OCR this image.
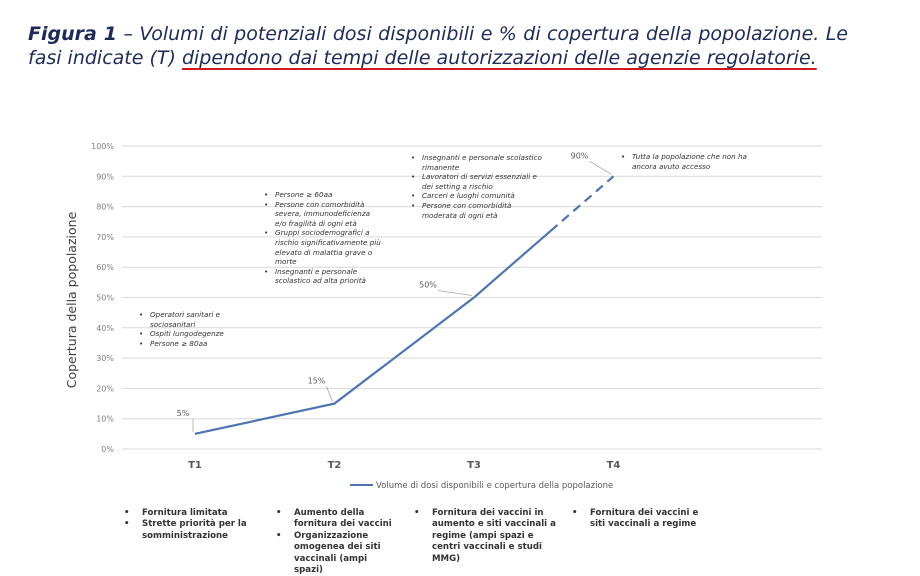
Figura 1 – Volumi di potenziali dosi disponibili e % di copertura della popolazione. Le fasi indicate (T) dipendono dai tempi delle autorizzazioni delle agenzie regolatorie.
0%
10%
20%
30%
40%
50%
60%
70%
80%
90%
100%
T1	T2	T3	T4
5%
15%
50%
90%
Copertura della popolazione
Volume di dosi disponibili e copertura della popolazione
• Operatori sanitari e sociosanitari
• Ospiti lungodegenze
• Persone ≥ 80aa
• Persone ≥ 60aa
• Persone con comorbidità severa, immunodeficienza e/o fragilità di ogni età
• Gruppi sociodemografici a rischio significativamente più elevato di malattia grave o morte
• Insegnanti e personale scolastico ad alta priorità
• Insegnanti e personale scolastico rimanente
• Lavoratori di servizi essenziali e dei setting a rischio
• Carceri e luoghi comunità
• Persone con comorbidità moderata di ogni età
• Tutta la popolazione che non ha ancora avuto accesso
• Fornitura limitata
• Strette priorità per la somministrazione
• Aumento della fornitura dei vaccini
• Organizzazione omogenea dei siti vaccinali (ampi spazi)
• Fornitura dei vaccini in aumento e siti vaccinali a regime (ampi spazi e centri vaccinali e studi MMG)
• Fornitura dei vaccini e siti vaccinali a regime
